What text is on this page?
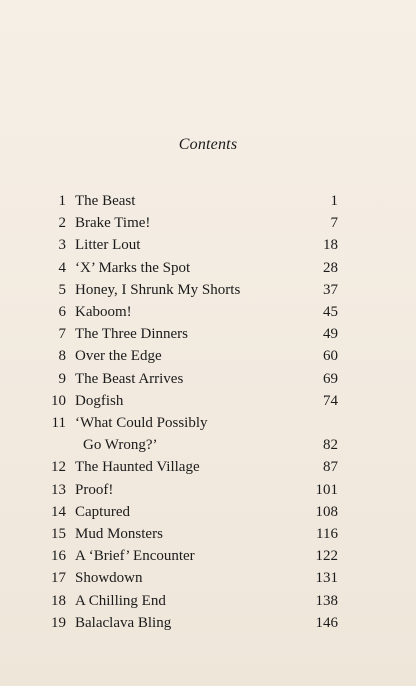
Contents
1 The Beast	1
2 Brake Time!	7
3 Litter Lout	18
4 ‘X’ Marks the Spot	28
5 Honey, I Shrunk My Shorts	37
6 Kaboom!	45
7 The Three Dinners	49
8 Over the Edge	60
9 The Beast Arrives	69
10 Dogfish	74
11 ‘What Could Possibly
Go Wrong?’	82
12 The Haunted Village	87
13 Proof!	101
14 Captured	108
15 Mud Monsters	116
16 A ‘Brief’ Encounter	122
17 Showdown	131
18 A Chilling End	138
19 Balaclava Bling	146
